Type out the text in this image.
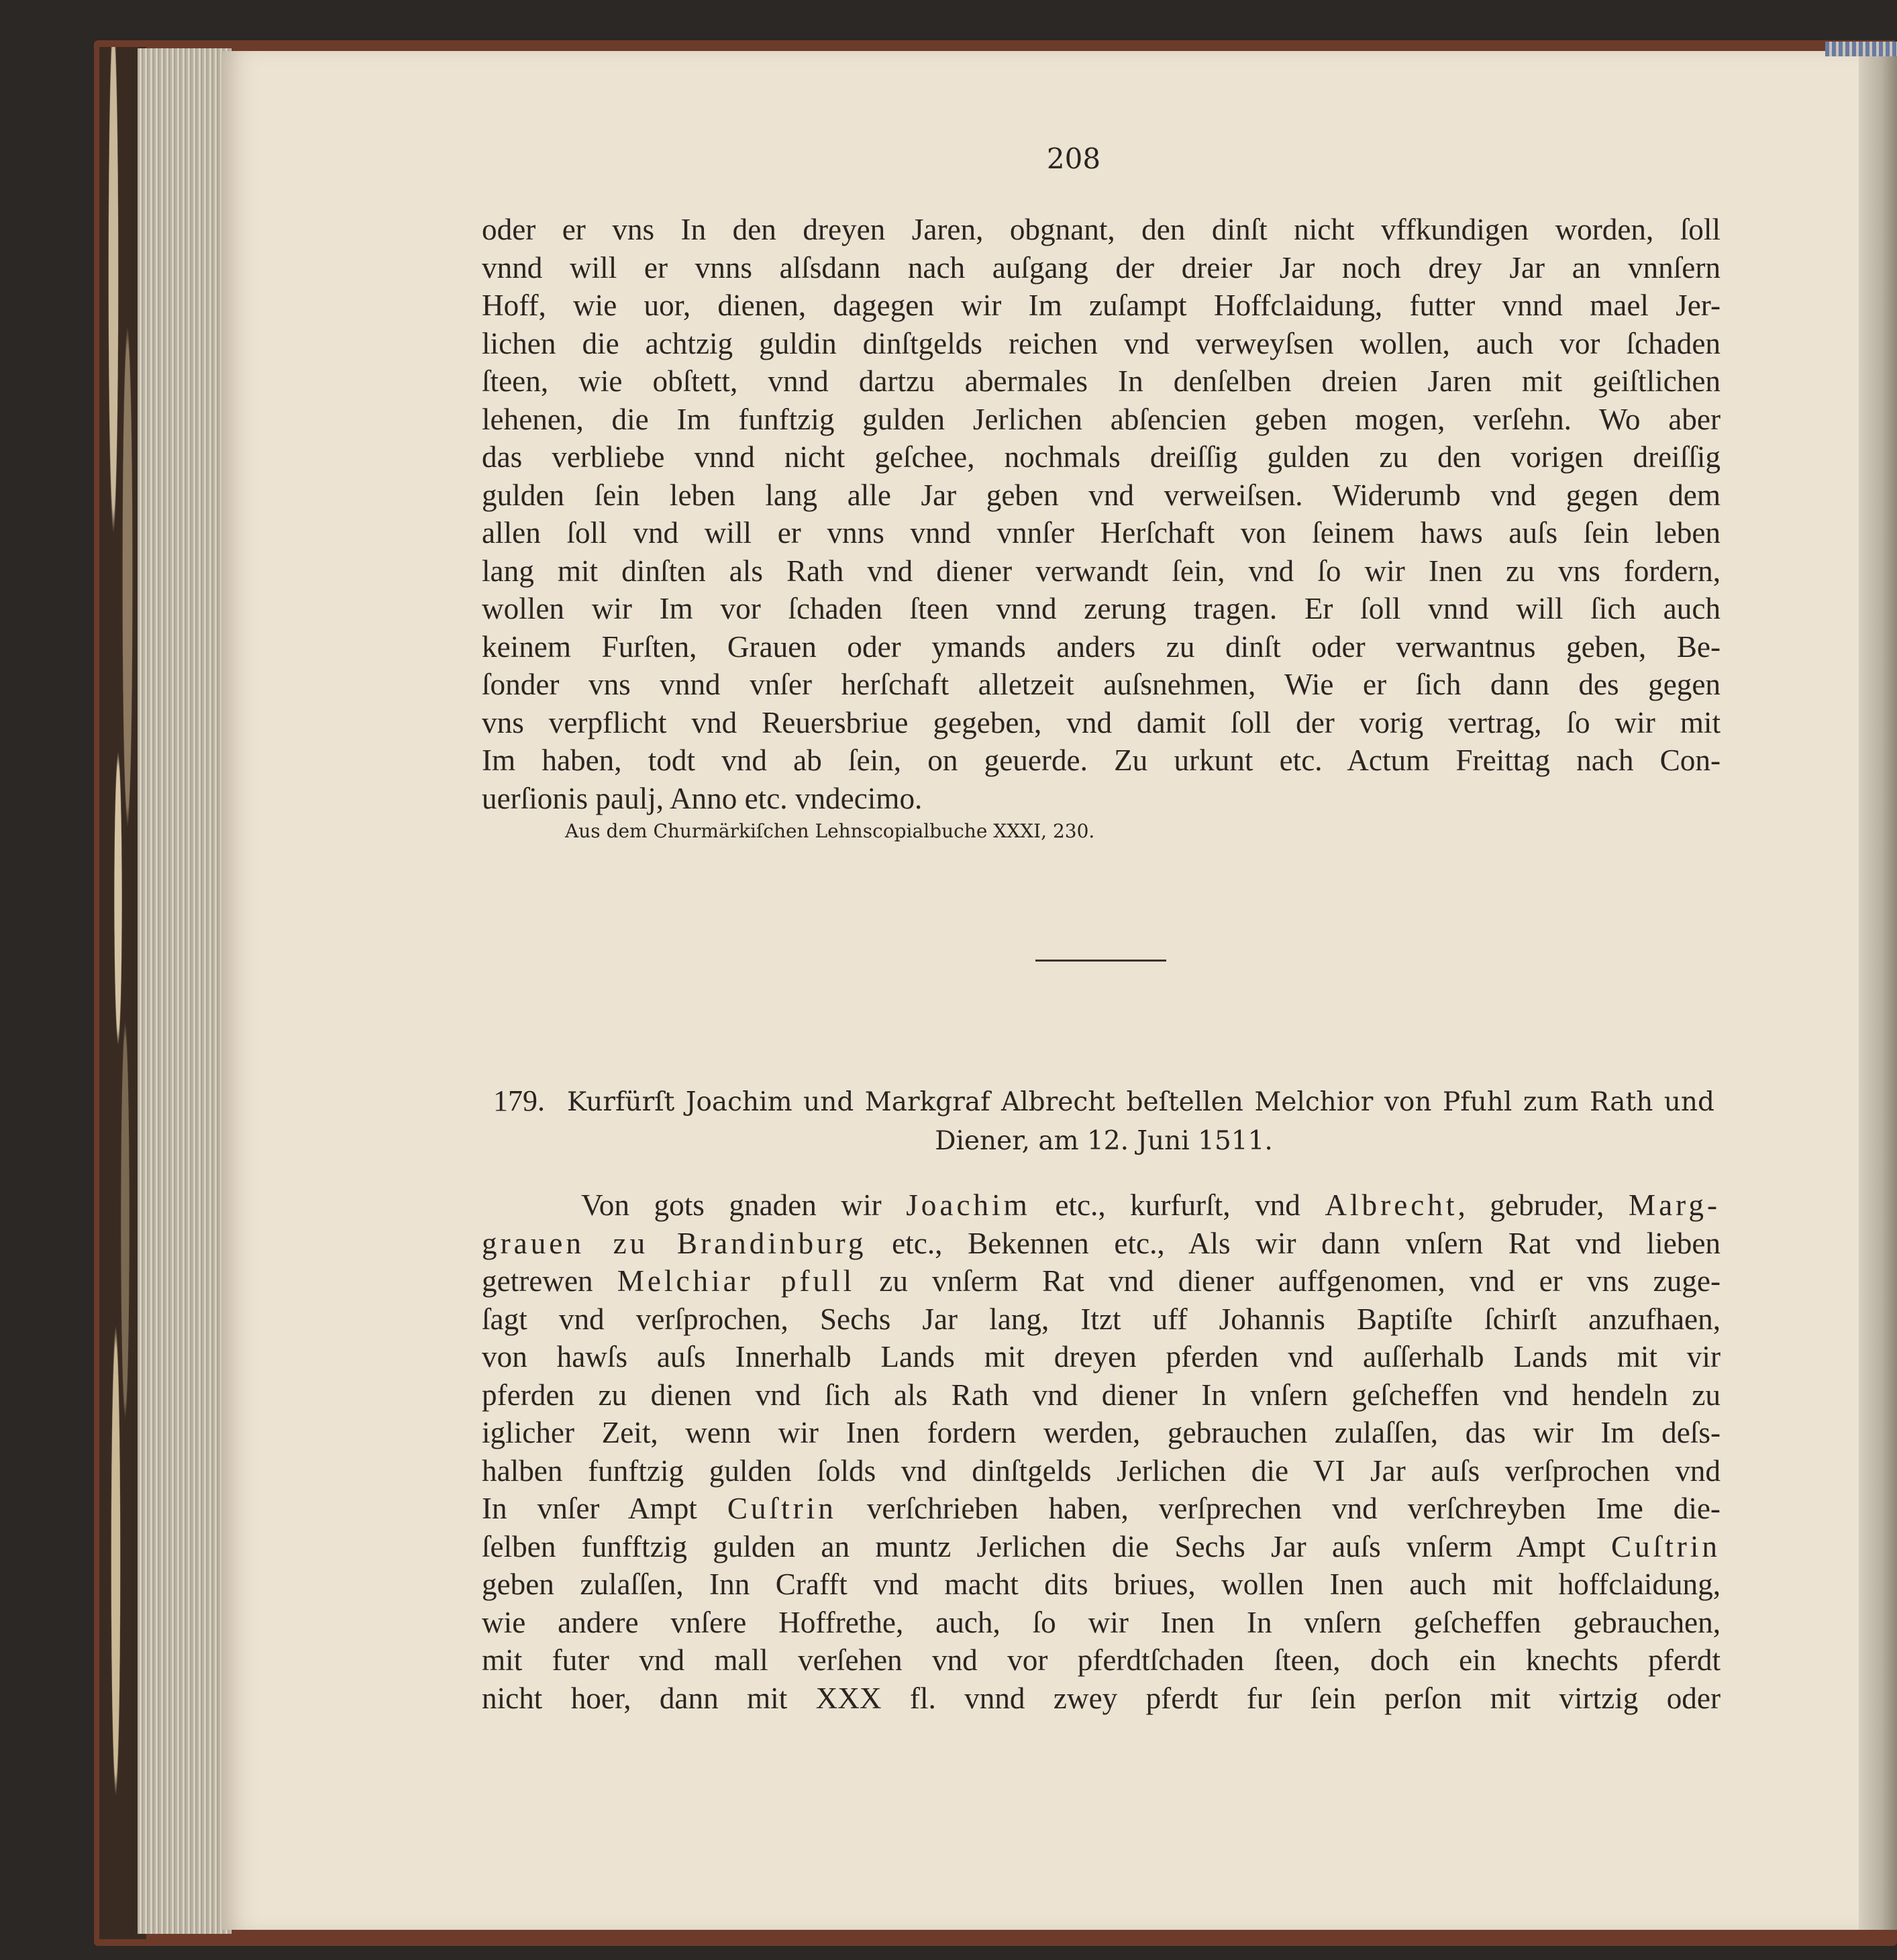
208
oder er vns In den dreyen Jaren, obgnant, den dinſt nicht vffkundigen worden, ſoll
vnnd will er vnns alſsdann nach auſgang der dreier Jar noch drey Jar an vnnſern
Hoff, wie uor, dienen, dagegen wir Im zuſampt Hoffclaidung, futter vnnd mael Jer-
lichen die achtzig guldin dinſtgelds reichen vnd verweyſsen wollen, auch vor ſchaden
ſteen, wie obſtett, vnnd dartzu abermales In denſelben dreien Jaren mit geiſtlichen
lehenen, die Im funftzig gulden Jerlichen abſencien geben mogen, verſehn. Wo aber
das verbliebe vnnd nicht geſchee, nochmals dreiſſig gulden zu den vorigen dreiſſig
gulden ſein leben lang alle Jar geben vnd verweiſsen. Widerumb vnd gegen dem
allen ſoll vnd will er vnns vnnd vnnſer Herſchaft von ſeinem haws auſs ſein leben
lang mit dinſten als Rath vnd diener verwandt ſein, vnd ſo wir Inen zu vns fordern,
wollen wir Im vor ſchaden ſteen vnnd zerung tragen. Er ſoll vnnd will ſich auch
keinem Furſten, Grauen oder ymands anders zu dinſt oder verwantnus geben, Be-
ſonder vns vnnd vnſer herſchaft alletzeit auſsnehmen, Wie er ſich dann des gegen
vns verpflicht vnd Reuersbriue gegeben, vnd damit ſoll der vorig vertrag, ſo wir mit
Im haben, todt vnd ab ſein, on geuerde. Zu urkunt etc. Actum Freittag nach Con-
uerſionis paulj, Anno etc. vndecimo.
Aus dem Churmärkiſchen Lehnscopialbuche XXXI, 230.
179. Kurfürſt Joachim und Markgraf Albrecht beſtellen Melchior von Pfuhl zum Rath und
Diener, am 12. Juni 1511.
Von gots gnaden wir Joachim etc., kurfurſt, vnd Albrecht, gebruder, Marg-
grauen zu Brandinburg etc., Bekennen etc., Als wir dann vnſern Rat vnd lieben
getrewen Melchiar pfull zu vnſerm Rat vnd diener auffgenomen, vnd er vns zuge-
ſagt vnd verſprochen, Sechs Jar lang, Itzt uff Johannis Baptiſte ſchirſt anzufhaen,
von hawſs auſs Innerhalb Lands mit dreyen pferden vnd auſſerhalb Lands mit vir
pferden zu dienen vnd ſich als Rath vnd diener In vnſern geſcheffen vnd hendeln zu
iglicher Zeit, wenn wir Inen fordern werden, gebrauchen zulaſſen, das wir Im deſs-
halben funftzig gulden ſolds vnd dinſtgelds Jerlichen die VI Jar auſs verſprochen vnd
In vnſer Ampt Cuſtrin verſchrieben haben, verſprechen vnd verſchreyben Ime die-
ſelben funfftzig gulden an muntz Jerlichen die Sechs Jar auſs vnſerm Ampt Cuſtrin
geben zulaſſen, Inn Crafft vnd macht dits briues, wollen Inen auch mit hoffclaidung,
wie andere vnſere Hoffrethe, auch, ſo wir Inen In vnſern geſcheffen gebrauchen,
mit futer vnd mall verſehen vnd vor pferdtſchaden ſteen, doch ein knechts pferdt
nicht hoer, dann mit XXX fl. vnnd zwey pferdt fur ſein perſon mit virtzig oder
